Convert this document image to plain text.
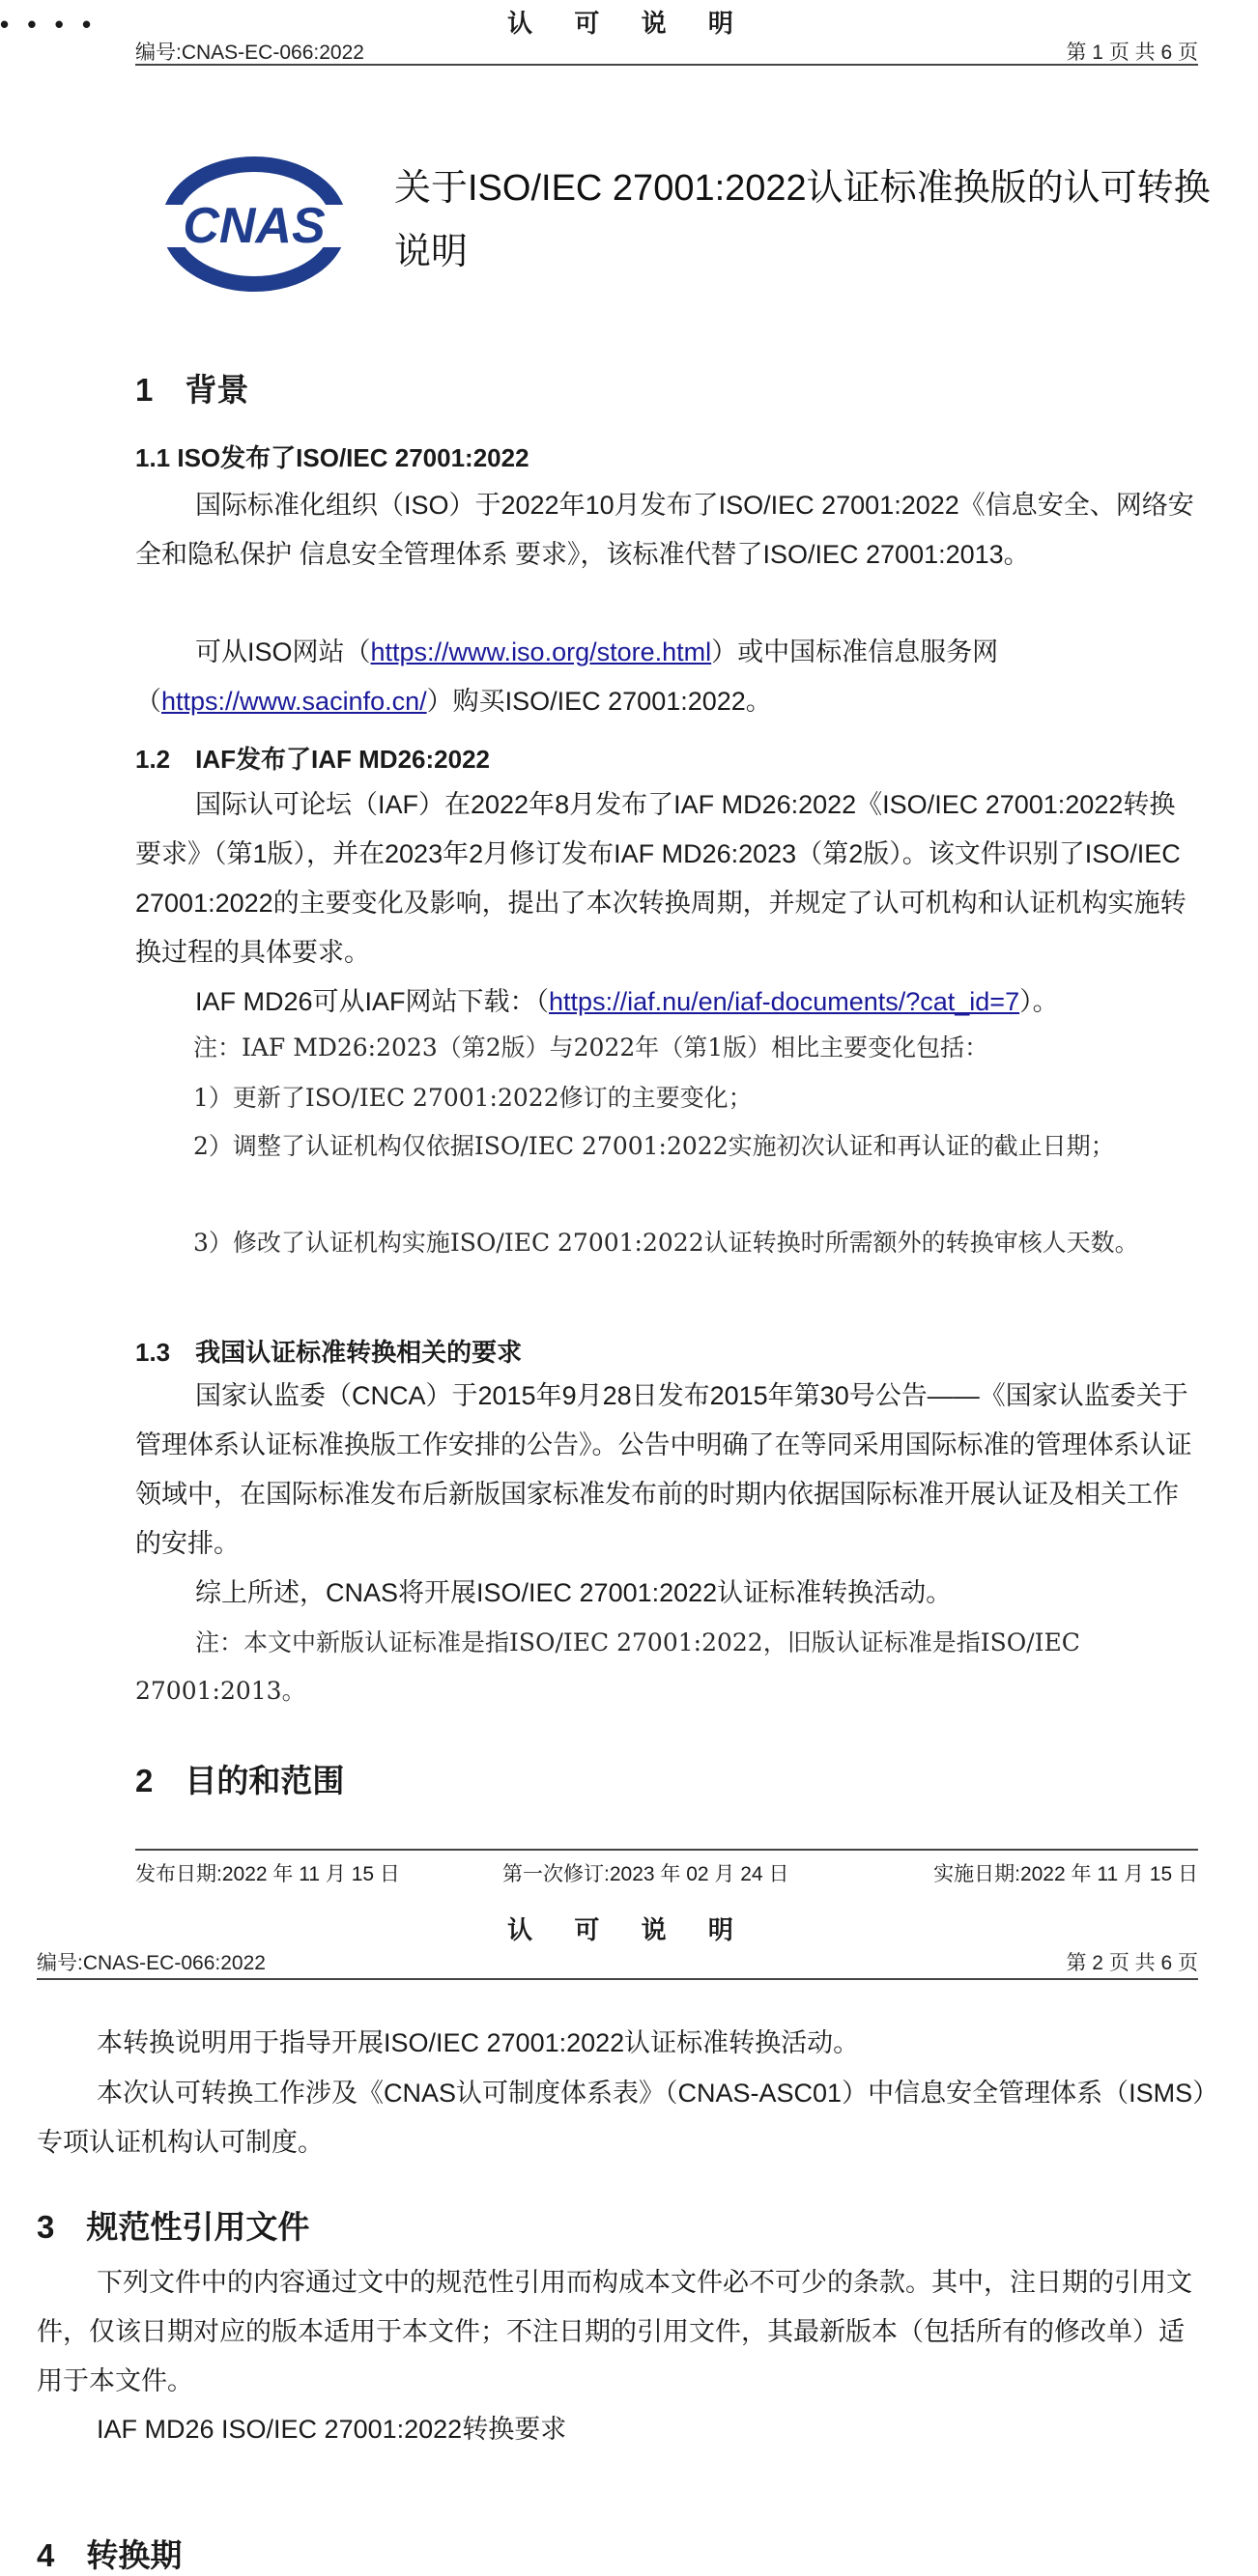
• • • •	认 可 说 明
编号:CNAS-EC-066:2022	第 1 页 共 6 页
CNAS
关于ISO/IEC 27001:2022认证标准换版的认可转换说明
1　背景
1.1 ISO发布了ISO/IEC 27001:2022
国际标准化组织（ISO）于2022年10月发布了ISO/IEC 27001:2022《信息安全、网络安全和隐私保护 信息安全管理体系 要求》，该标准代替了ISO/IEC 27001:2013。
可从ISO网站（https://www.iso.org/store.html）或中国标准信息服务网（https://www.sacinfo.cn/）购买ISO/IEC 27001:2022。
1.2　IAF发布了IAF MD26:2022
国际认可论坛（IAF）在2022年8月发布了IAF MD26:2022《ISO/IEC 27001:2022转换要求》（第1版），并在2023年2月修订发布IAF MD26:2023（第2版）。该文件识别了ISO/IEC 27001:2022的主要变化及影响，提出了本次转换周期，并规定了认可机构和认证机构实施转换过程的具体要求。
IAF MD26可从IAF网站下载：（https://iaf.nu/en/iaf-documents/?cat_id=7）。
注：IAF MD26:2023（第2版）与2022年（第1版）相比主要变化包括：
1）更新了ISO/IEC 27001:2022修订的主要变化；
2）调整了认证机构仅依据ISO/IEC 27001:2022实施初次认证和再认证的截止日期；
3）修改了认证机构实施ISO/IEC 27001:2022认证转换时所需额外的转换审核人天数。
1.3　我国认证标准转换相关的要求
国家认监委（CNCA）于2015年9月28日发布2015年第30号公告——《国家认监委关于管理体系认证标准换版工作安排的公告》。公告中明确了在等同采用国际标准的管理体系认证领域中，在国际标准发布后新版国家标准发布前的时期内依据国际标准开展认证及相关工作的安排。
综上所述，CNAS将开展ISO/IEC 27001:2022认证标准转换活动。
注：本文中新版认证标准是指ISO/IEC 27001:2022，旧版认证标准是指ISO/IEC 27001:2013。
2　目的和范围
发布日期:2022 年 11 月 15 日	第一次修订:2023 年 02 月 24 日	实施日期:2022 年 11 月 15 日
认 可 说 明
编号:CNAS-EC-066:2022	第 2 页 共 6 页
本转换说明用于指导开展ISO/IEC 27001:2022认证标准转换活动。
本次认可转换工作涉及《CNAS认可制度体系表》（CNAS-ASC01）中信息安全管理体系（ISMS）专项认证机构认可制度。
3　规范性引用文件
下列文件中的内容通过文中的规范性引用而构成本文件必不可少的条款。其中，注日期的引用文件，仅该日期对应的版本适用于本文件；不注日期的引用文件，其最新版本（包括所有的修改单）适用于本文件。
IAF MD26 ISO/IEC 27001:2022转换要求
4　转换期
